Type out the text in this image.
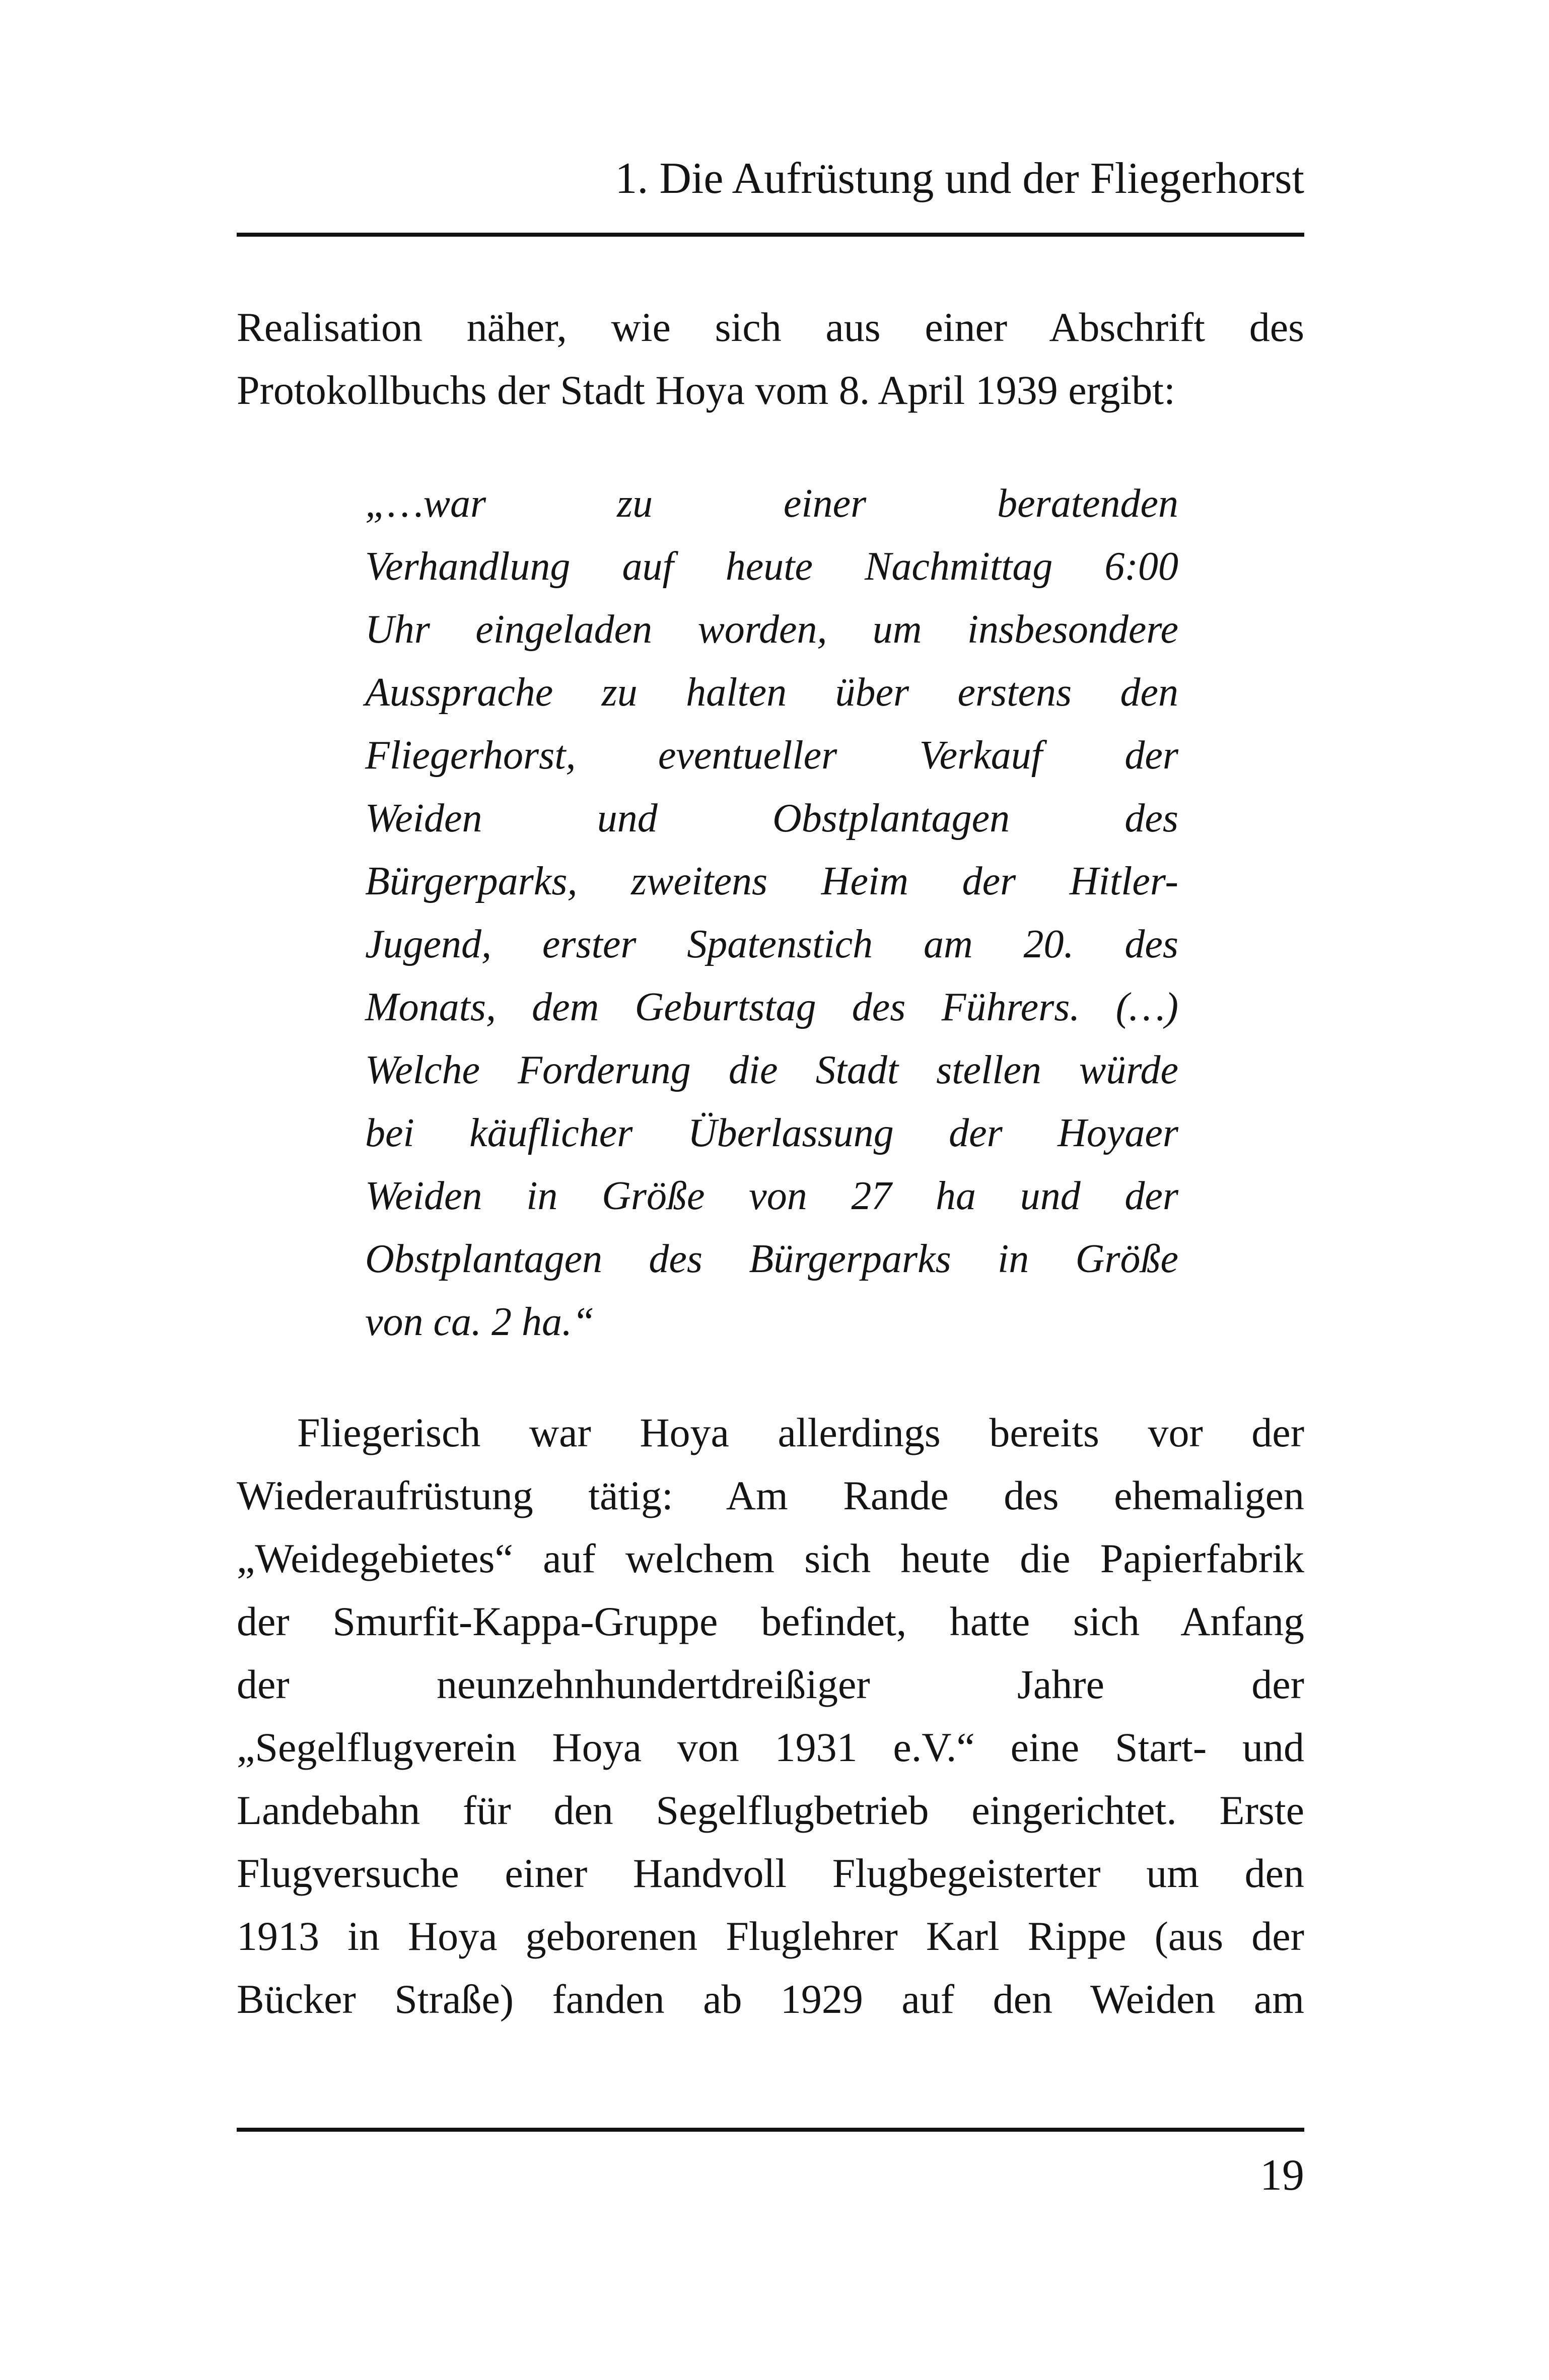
1. Die Aufrüstung und der Fliegerhorst
Realisation näher, wie sich aus einer Abschrift des
Protokollbuchs der Stadt Hoya vom 8. April 1939 ergibt:
„…war zu einer beratenden
Verhandlung auf heute Nachmittag 6:00
Uhr eingeladen worden, um insbesondere
Aussprache zu halten über erstens den
Fliegerhorst, eventueller Verkauf der
Weiden und Obstplantagen des
Bürgerparks, zweitens Heim der Hitler-
Jugend, erster Spatenstich am 20. des
Monats, dem Geburtstag des Führers. (…)
Welche Forderung die Stadt stellen würde
bei käuflicher Überlassung der Hoyaer
Weiden in Größe von 27 ha und der
Obstplantagen des Bürgerparks in Größe
von ca. 2 ha.“
Fliegerisch war Hoya allerdings bereits vor der
Wiederaufrüstung tätig: Am Rande des ehemaligen
„Weidegebietes“ auf welchem sich heute die Papierfabrik
der Smurfit-Kappa-Gruppe befindet, hatte sich Anfang
der neunzehnhundertdreißiger Jahre der
„Segelflugverein Hoya von 1931 e.V.“ eine Start- und
Landebahn für den Segelflugbetrieb eingerichtet. Erste
Flugversuche einer Handvoll Flugbegeisterter um den
1913 in Hoya geborenen Fluglehrer Karl Rippe (aus der
Bücker Straße) fanden ab 1929 auf den Weiden am
19
